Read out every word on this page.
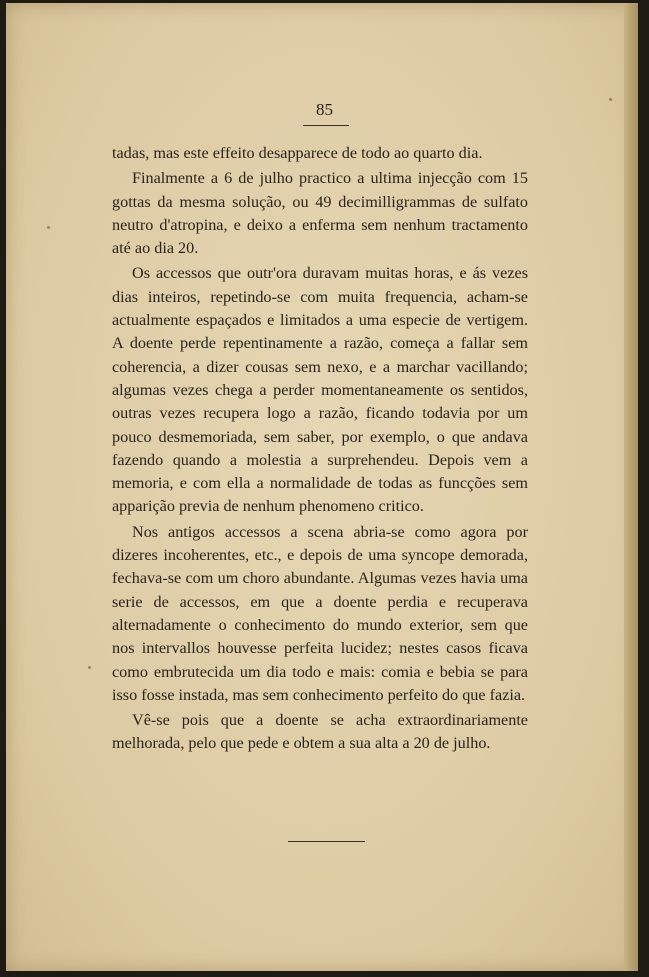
85

tadas, mas este effeito desapparece de todo ao quarto dia.

Finalmente a 6 de julho practico a ultima injecção com 15 gottas da mesma solução, ou 49 decimilligrammas de sulfato neutro d'atropina, e deixo a enferma sem nenhum tractamento até ao dia 20.

Os accessos que outr'ora duravam muitas horas, e ás vezes dias inteiros, repetindo-se com muita frequencia, acham-se actualmente espaçados e limitados a uma especie de vertigem. A doente perde repentinamente a razão, começa a fallar sem coherencia, a dizer cousas sem nexo, e a marchar vacillando; algumas vezes chega a perder momentaneamente os sentidos, outras vezes recupera logo a razão, ficando todavia por um pouco desmemoriada, sem saber, por exemplo, o que andava fazendo quando a molestia a surprehendeu. Depois vem a memoria, e com ella a normalidade de todas as funcções sem apparição previa de nenhum phenomeno critico.

Nos antigos accessos a scena abria-se como agora por dizeres incoherentes, etc., e depois de uma syncope demorada, fechava-se com um choro abundante. Algumas vezes havia uma serie de accessos, em que a doente perdia e recuperava alternadamente o conhecimento do mundo exterior, sem que nos intervallos houvesse perfeita lucidez; nestes casos ficava como embrutecida um dia todo e mais: comia e bebia se para isso fosse instada, mas sem conhecimento perfeito do que fazia.

Vê-se pois que a doente se acha extraordinariamente melhorada, pelo que pede e obtem a sua alta a 20 de julho.
